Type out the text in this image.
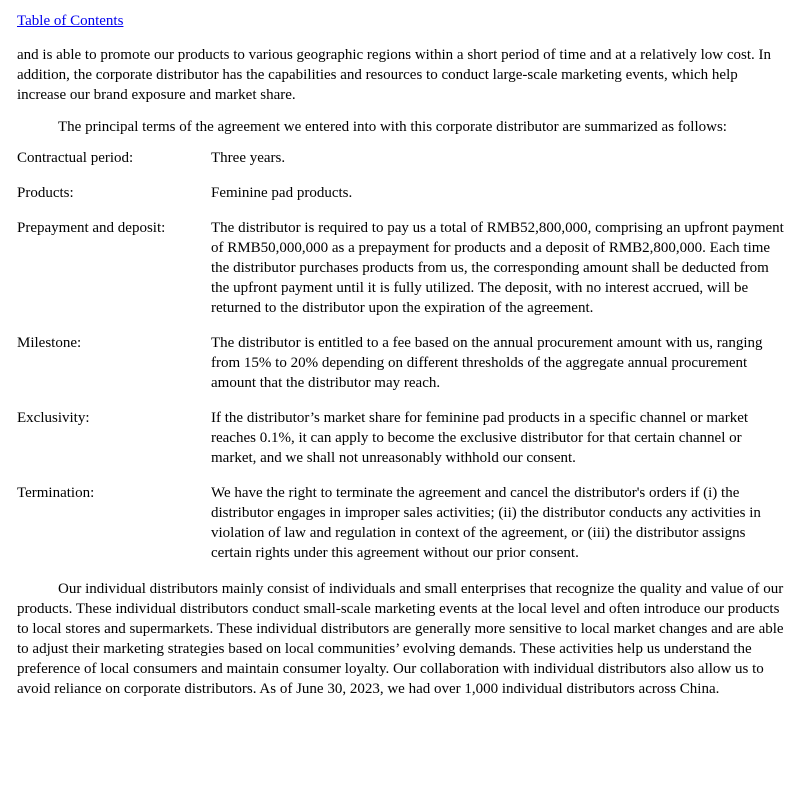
Table of Contents

and is able to promote our products to various geographic regions within a short period of time and at a relatively low cost. In addition, the corporate distributor has the capabilities and resources to conduct large-scale marketing events, which help increase our brand exposure and market share.

The principal terms of the agreement we entered into with this corporate distributor are summarized as follows:

Contractual period:	Three years.
Products:	Feminine pad products.
Prepayment and deposit:	The distributor is required to pay us a total of RMB52,800,000, comprising an upfront payment of RMB50,000,000 as a prepayment for products and a deposit of RMB2,800,000. Each time the distributor purchases products from us, the corresponding amount shall be deducted from the upfront payment until it is fully utilized. The deposit, with no interest accrued, will be returned to the distributor upon the expiration of the agreement.
Milestone:	The distributor is entitled to a fee based on the annual procurement amount with us, ranging from 15% to 20% depending on different thresholds of the aggregate annual procurement amount that the distributor may reach.
Exclusivity:	If the distributor’s market share for feminine pad products in a specific channel or market reaches 0.1%, it can apply to become the exclusive distributor for that certain channel or market, and we shall not unreasonably withhold our consent.
Termination:	We have the right to terminate the agreement and cancel the distributor's orders if (i) the distributor engages in improper sales activities; (ii) the distributor conducts any activities in violation of law and regulation in context of the agreement, or (iii) the distributor assigns certain rights under this agreement without our prior consent.

Our individual distributors mainly consist of individuals and small enterprises that recognize the quality and value of our products. These individual distributors conduct small-scale marketing events at the local level and often introduce our products to local stores and supermarkets. These individual distributors are generally more sensitive to local market changes and are able to adjust their marketing strategies based on local communities’ evolving demands. These activities help us understand the preference of local consumers and maintain consumer loyalty. Our collaboration with individual distributors also allow us to avoid reliance on corporate distributors. As of June 30, 2023, we had over 1,000 individual distributors across China.
